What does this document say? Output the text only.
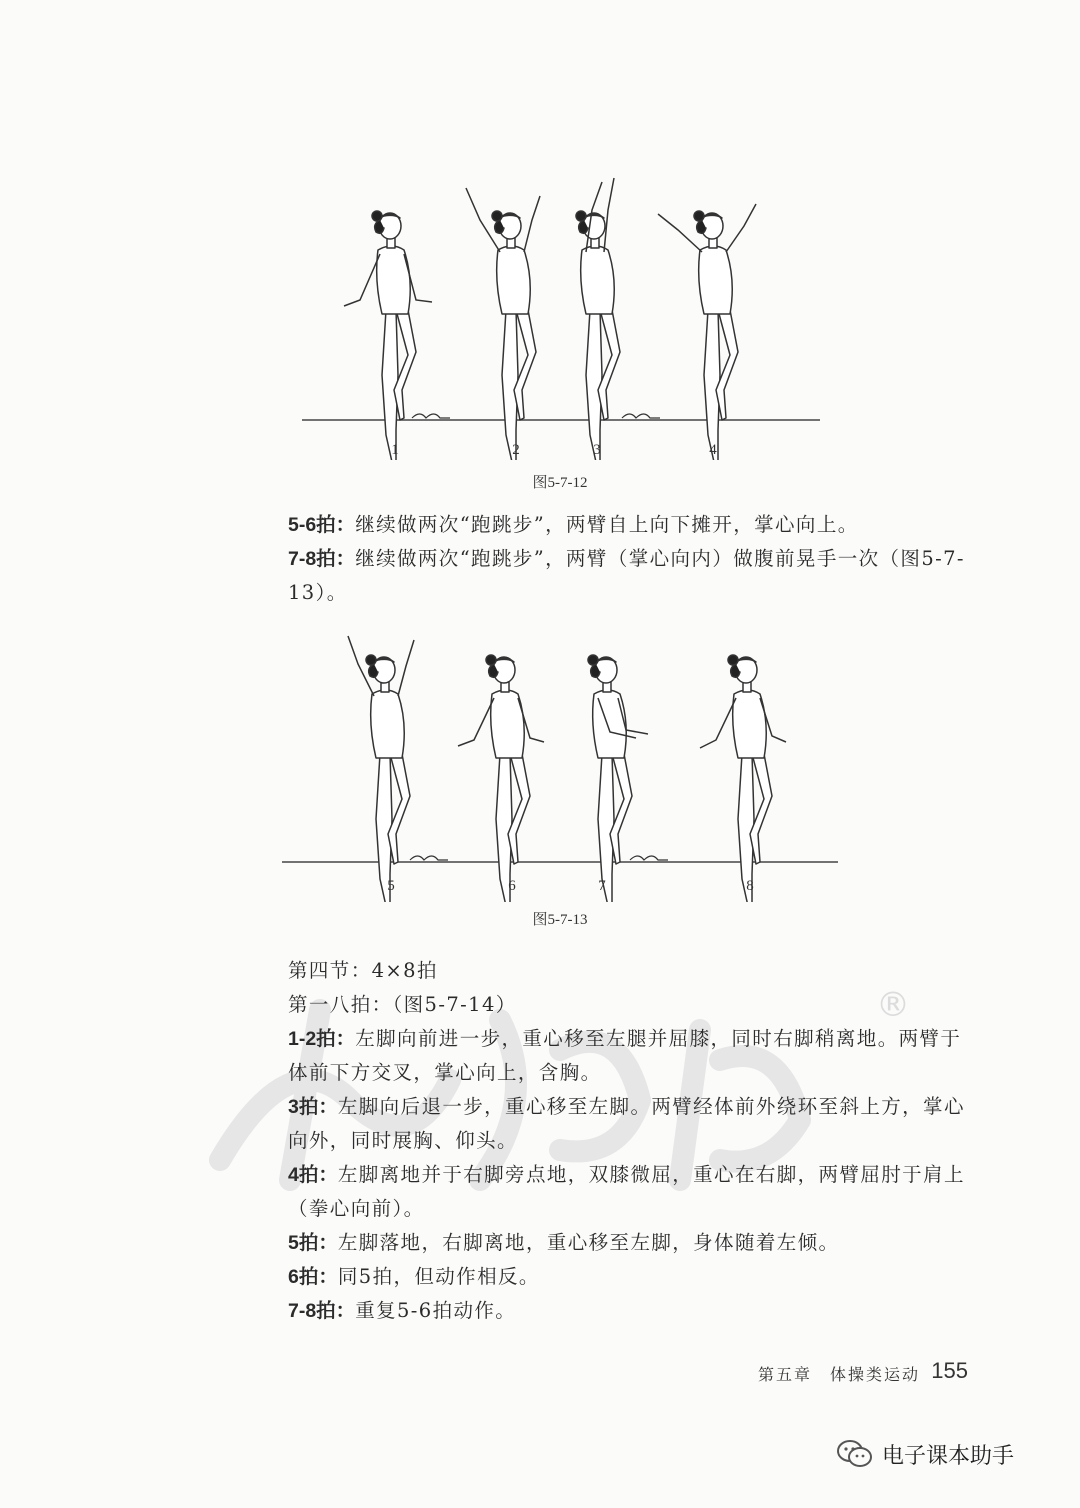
1	2	3	4
图5-7-12

5-6拍：继续做两次“跑跳步”，两臂自上向下摊开，掌心向上。

7-8拍：继续做两次“跑跳步”，两臂（掌心向内）做腹前晃手一次（图5-7-13）。

5	6	7	8
图5-7-13
®

第四节：4×8拍

第一八拍：（图5-7-14）

1-2拍：左脚向前进一步，重心移至左腿并屈膝，同时右脚稍离地。两臂于体前下方交叉，掌心向上，含胸。

3拍：左脚向后退一步，重心移至左脚。两臂经体前外绕环至斜上方，掌心向外，同时展胸、仰头。

4拍：左脚离地并于右脚旁点地，双膝微屈，重心在右脚，两臂屈肘于肩上（拳心向前）。

5拍：左脚落地，右脚离地，重心移至左脚，身体随着左倾。

6拍：同5拍，但动作相反。

7-8拍：重复5-6拍动作。

第五章　体操类运动 155
电子课本助手
